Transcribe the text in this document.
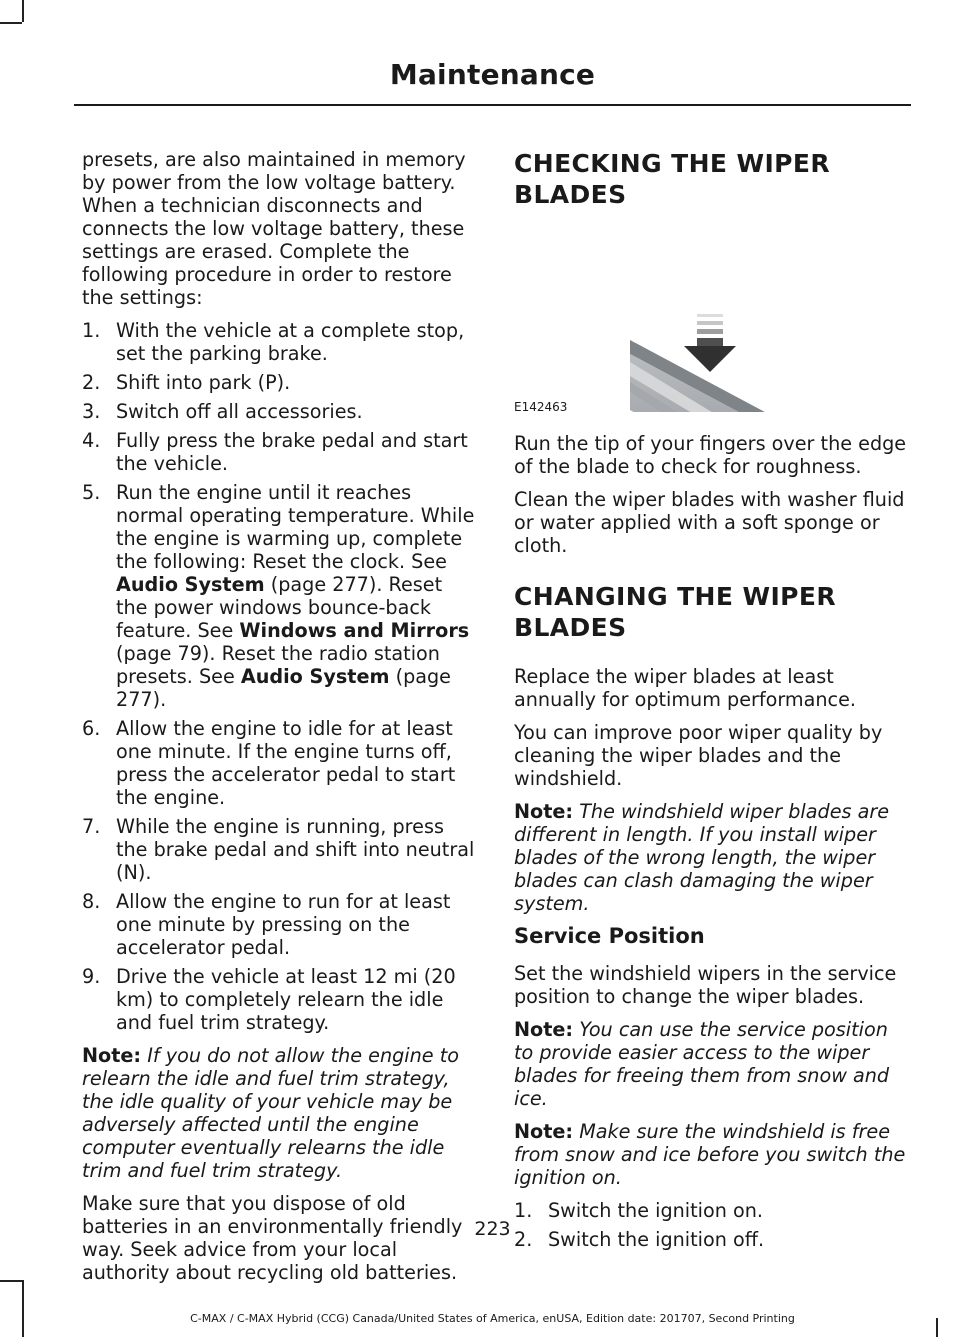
Maintenance

presets, are also maintained in memory by power from the low voltage battery. When a technician disconnects and connects the low voltage battery, these settings are erased. Complete the following procedure in order to restore the settings:

1. With the vehicle at a complete stop, set the parking brake.
2. Shift into park (P).
3. Switch off all accessories.
4. Fully press the brake pedal and start the vehicle.
5. Run the engine until it reaches normal operating temperature. While the engine is warming up, complete the following: Reset the clock. See Audio System (page 277). Reset the power windows bounce-back feature. See Windows and Mirrors (page 79). Reset the radio station presets. See Audio System (page 277).
6. Allow the engine to idle for at least one minute. If the engine turns off, press the accelerator pedal to start the engine.
7. While the engine is running, press the brake pedal and shift into neutral (N).
8. Allow the engine to run for at least one minute by pressing on the accelerator pedal.
9. Drive the vehicle at least 12 mi (20 km) to completely relearn the idle and fuel trim strategy.

Note: If you do not allow the engine to relearn the idle and fuel trim strategy, the idle quality of your vehicle may be adversely affected until the engine computer eventually relearns the idle trim and fuel trim strategy.

Make sure that you dispose of old batteries in an environmentally friendly way. Seek advice from your local authority about recycling old batteries.

CHECKING THE WIPER
BLADES
E142463

Run the tip of your fingers over the edge of the blade to check for roughness.

Clean the wiper blades with washer fluid or water applied with a soft sponge or cloth.

CHANGING THE WIPER
BLADES

Replace the wiper blades at least annually for optimum performance.

You can improve poor wiper quality by cleaning the wiper blades and the windshield.

Note: The windshield wiper blades are different in length. If you install wiper blades of the wrong length, the wiper blades can clash damaging the wiper system.

Service Position

Set the windshield wipers in the service position to change the wiper blades.

Note: You can use the service position to provide easier access to the wiper blades for freeing them from snow and ice.

Note: Make sure the windshield is free from snow and ice before you switch the ignition on.

1. Switch the ignition on.
2. Switch the ignition off.
223
C-MAX / C-MAX Hybrid (CCG) Canada/United States of America, enUSA, Edition date: 201707, Second Printing
